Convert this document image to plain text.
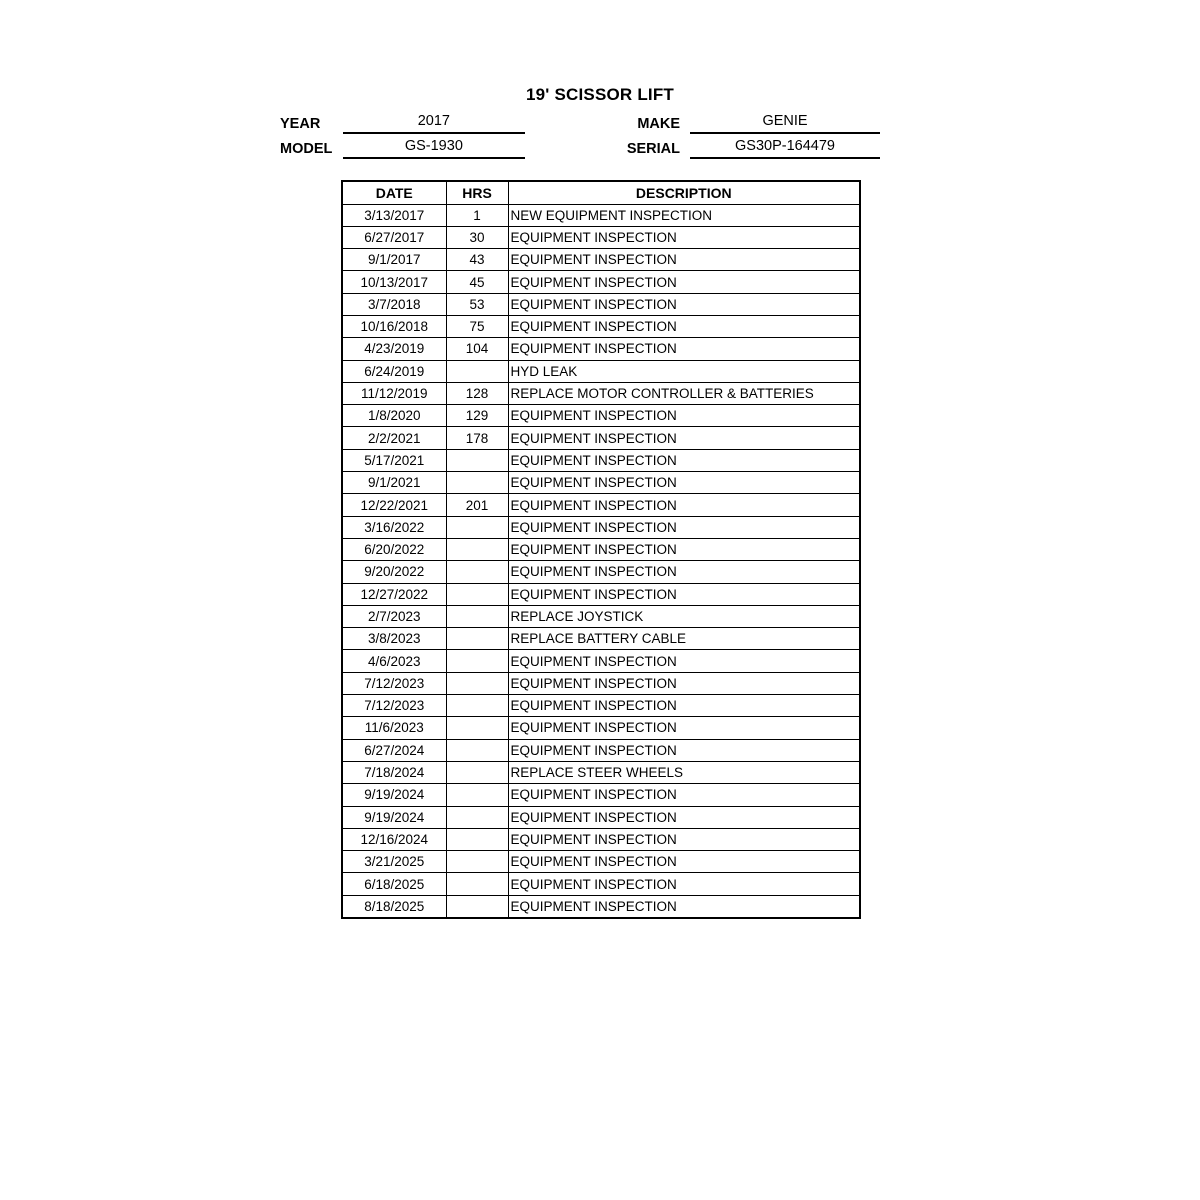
19' SCISSOR LIFT
YEAR	2017	MAKE	GENIE
MODEL	GS-1930	SERIAL	GS30P-164479
DATE	HRS	DESCRIPTION
3/13/2017	1	NEW EQUIPMENT INSPECTION
6/27/2017	30	EQUIPMENT INSPECTION
9/1/2017	43	EQUIPMENT INSPECTION
10/13/2017	45	EQUIPMENT INSPECTION
3/7/2018	53	EQUIPMENT INSPECTION
10/16/2018	75	EQUIPMENT INSPECTION
4/23/2019	104	EQUIPMENT INSPECTION
6/24/2019		HYD LEAK
11/12/2019	128	REPLACE MOTOR CONTROLLER & BATTERIES
1/8/2020	129	EQUIPMENT INSPECTION
2/2/2021	178	EQUIPMENT INSPECTION
5/17/2021		EQUIPMENT INSPECTION
9/1/2021		EQUIPMENT INSPECTION
12/22/2021	201	EQUIPMENT INSPECTION
3/16/2022		EQUIPMENT INSPECTION
6/20/2022		EQUIPMENT INSPECTION
9/20/2022		EQUIPMENT INSPECTION
12/27/2022		EQUIPMENT INSPECTION
2/7/2023		REPLACE JOYSTICK
3/8/2023		REPLACE BATTERY CABLE
4/6/2023		EQUIPMENT INSPECTION
7/12/2023		EQUIPMENT INSPECTION
7/12/2023		EQUIPMENT INSPECTION
11/6/2023		EQUIPMENT INSPECTION
6/27/2024		EQUIPMENT INSPECTION
7/18/2024		REPLACE STEER WHEELS
9/19/2024		EQUIPMENT INSPECTION
9/19/2024		EQUIPMENT INSPECTION
12/16/2024		EQUIPMENT INSPECTION
3/21/2025		EQUIPMENT INSPECTION
6/18/2025		EQUIPMENT INSPECTION
8/18/2025		EQUIPMENT INSPECTION
